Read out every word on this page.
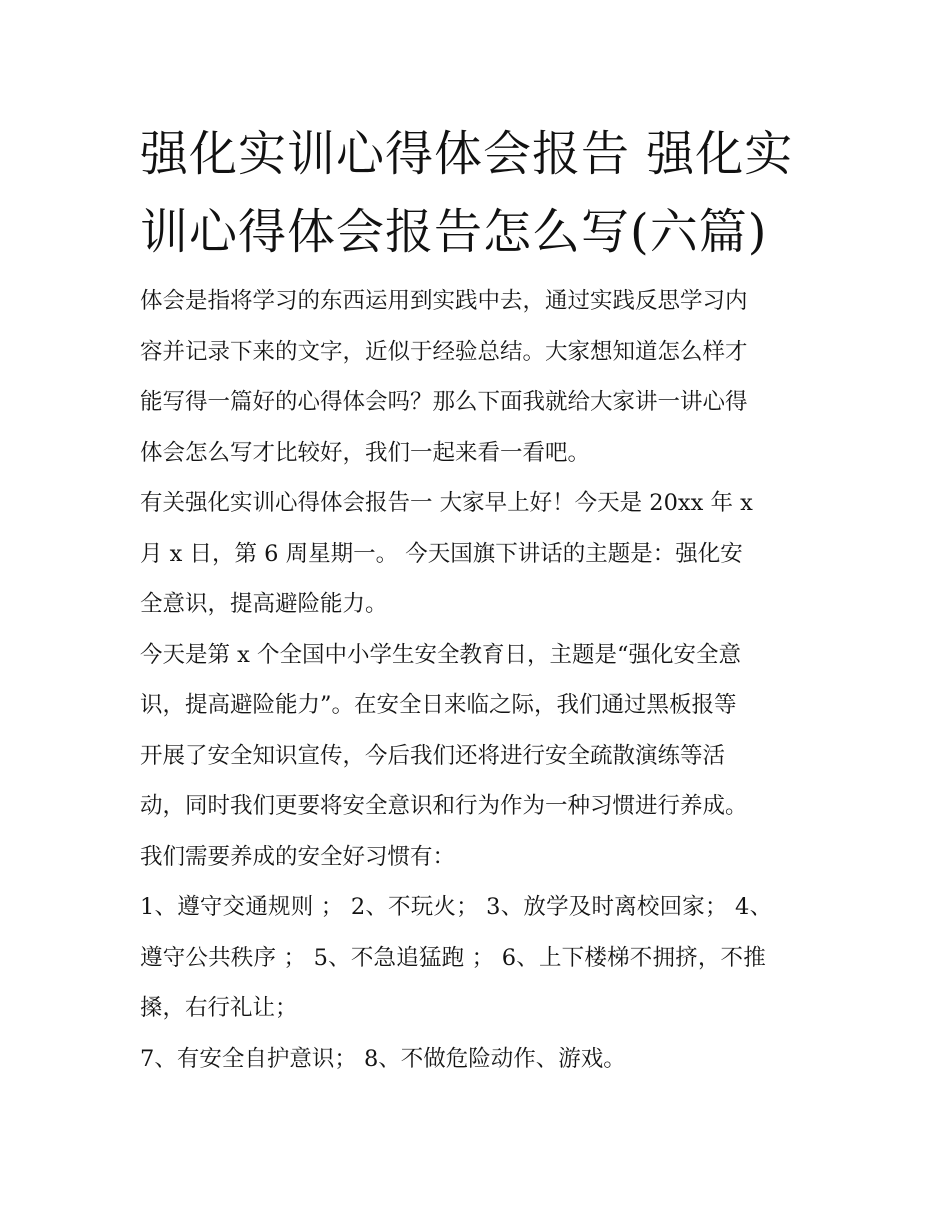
强化实训心得体会报告 强化实训心得体会报告怎么写(六篇)

体会是指将学习的东西运用到实践中去，通过实践反思学习内
容并记录下来的文字，近似于经验总结。大家想知道怎么样才
能写得一篇好的心得体会吗？那么下面我就给大家讲一讲心得
体会怎么写才比较好，我们一起来看一看吧。

有关强化实训心得体会报告一 大家早上好！今天是 20xx 年 x
月 x 日，第 6 周星期一。 今天国旗下讲话的主题是：强化安
全意识，提高避险能力。

今天是第 x 个全国中小学生安全教育日，主题是“强化安全意
识，提高避险能力”。在安全日来临之际，我们通过黑板报等
开展了安全知识宣传，今后我们还将进行安全疏散演练等活
动，同时我们更要将安全意识和行为作为一种习惯进行养成。
我们需要养成的安全好习惯有：

1、遵守交通规则 ； 2、不玩火； 3、放学及时离校回家； 4、
遵守公共秩序 ； 5、不急追猛跑 ； 6、上下楼梯不拥挤，不推
搡，右行礼让；

7、有安全自护意识； 8、不做危险动作、游戏。
